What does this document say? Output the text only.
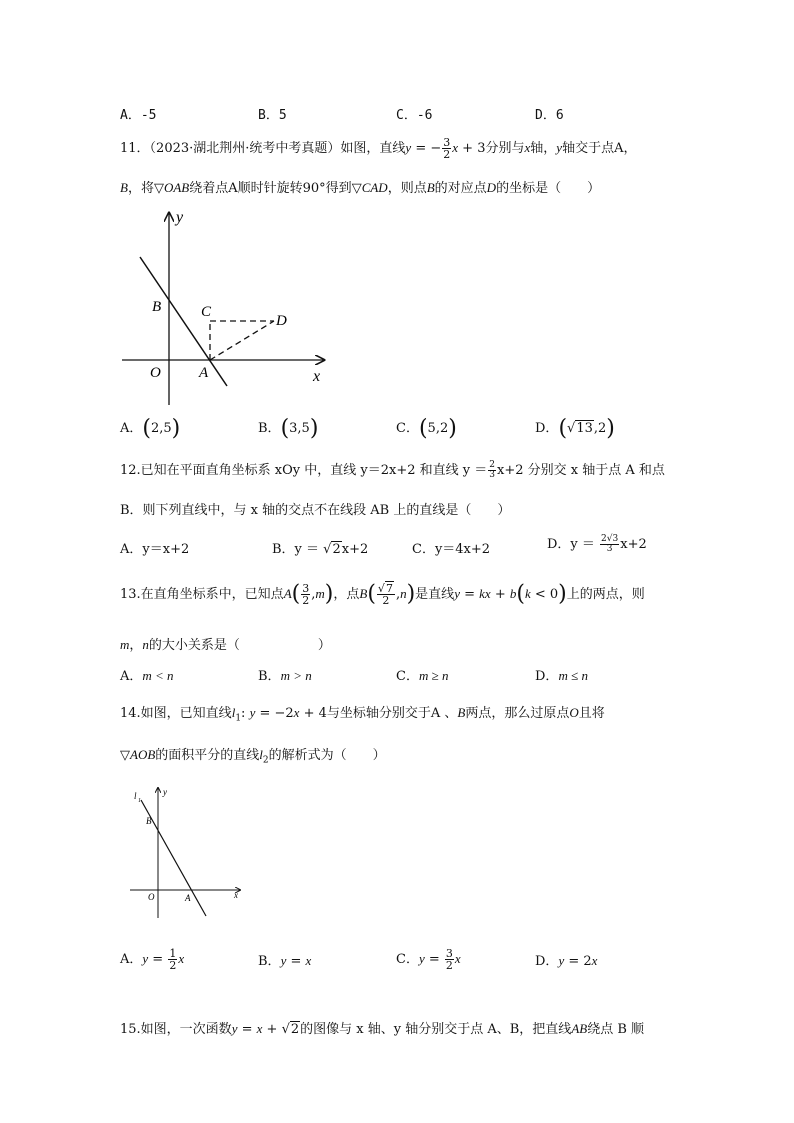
A．-5	B．5	C．-6	D．6
11．（2023·湖北荆州·统考中考真题）如图，直线y = − $\frac{3}{2}$ x + 3分别与x轴，y轴交于点A，
B，将▽OAB绕着点A顺时针旋转90°得到▽CAD，则点B的对应点D的坐标是（　　）
x
y
O	A
B	C
D
A．(2,5)	B．(3,5)	C．(5,2)	D．(√13,2)
12.已知在平面直角坐标系 xOy 中，直线 y＝2x+2 和直线 $y = \frac{2}{3} x+2$ 分别交 x 轴于点 A 和点
B．则下列直线中，与 x 轴的交点不在线段 AB 上的直线是（　　）
A．y＝x+2	B．y ＝ √2x+2	C．y＝4x+2	D．$y = \frac{2√3}{3} x+2$
13.在直角坐标系中，已知点$A( \frac{3}{2} ,m)$，点$B( \frac{√7}{2} ,n)$是直线y = kx + b(k < 0)上的两点，则
m，n的大小关系是（　　　　　　）
A．m < n	B．m > n	C．m ≥ n	D．m ≤ n
14.如图，已知直线$l_1$: y = −2x + 4与坐标轴分别交于A 、B两点，那么过原点O且将
▽AOB的面积平分的直线$l_2$的解析式为（　　）
x
y
O	A
B
l 1
A．$y = \frac{1}{2}$ x	B．y = x	C．$y = \frac{3}{2}$ x	D．y = 2x
15.如图，一次函数y = x + √2的图像与 x 轴、y 轴分别交于点 A、B，把直线AB绕点 B 顺
